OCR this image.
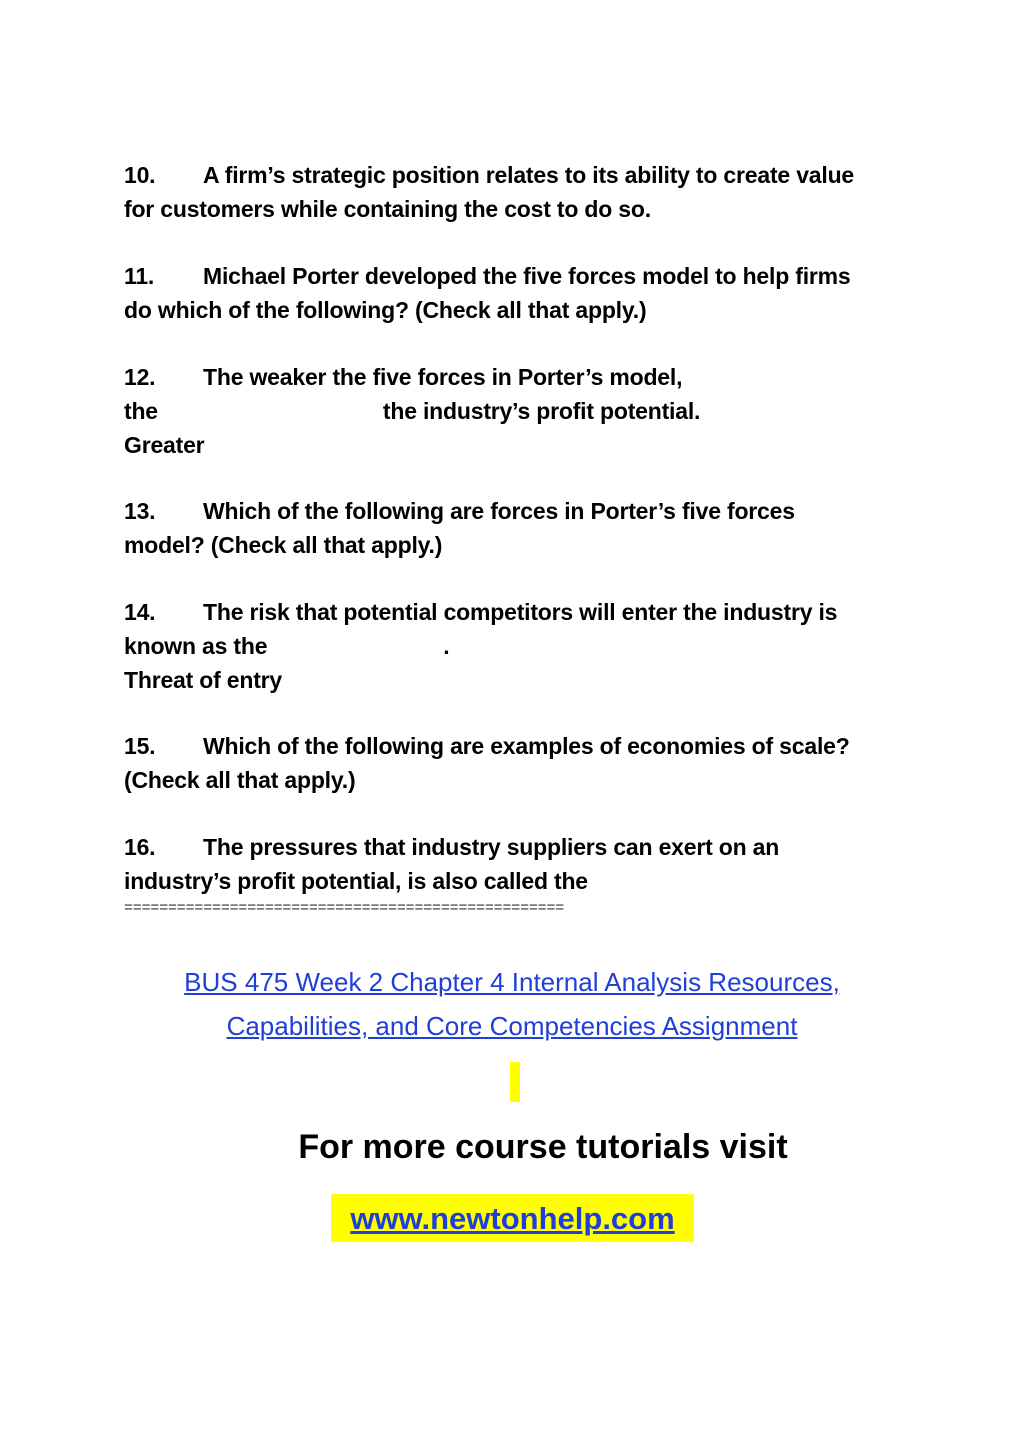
10. A firm’s strategic position relates to its ability to create value
for customers while containing the cost to do so.
11. Michael Porter developed the five forces model to help firms
do which of the following? (Check all that apply.)
12. The weaker the five forces in Porter’s model,
the	the industry’s profit potential.
Greater
13. Which of the following are forces in Porter’s five forces
model? (Check all that apply.)
14. The risk that potential competitors will enter the industry is
known as the	.
Threat of entry
15. Which of the following are examples of economies of scale?
(Check all that apply.)
16. The pressures that industry suppliers can exert on an
industry’s profit potential, is also called the
==================================================
BUS 475 Week 2 Chapter 4 Internal Analysis Resources,
Capabilities, and Core Competencies Assignment
For more course tutorials visit
www.newtonhelp.com
